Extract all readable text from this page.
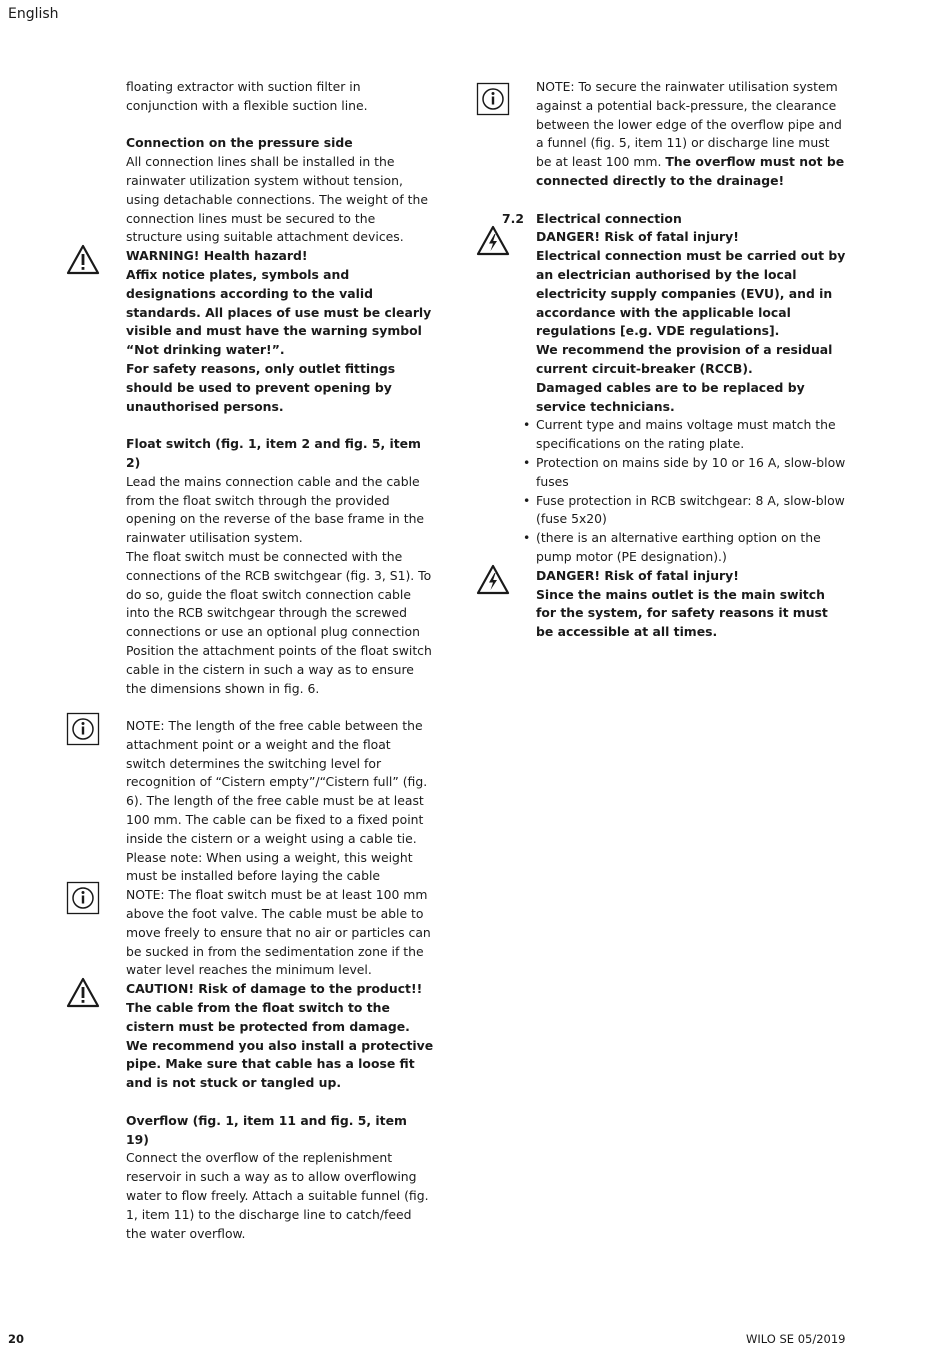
English

floating extractor with suction filter in conjunction with a flexible suction line.

Connection on the pressure side

All connection lines shall be installed in the rainwater utilization system without tension, using detachable connections. The weight of the connection lines must be secured to the structure using suitable attachment devices.

WARNING! Health hazard!

Affix notice plates, symbols and designations according to the valid standards. All places of use must be clearly visible and must have the warning symbol “Not drinking water!”.

For safety reasons, only outlet fittings should be used to prevent opening by unauthorised persons.

Float switch (fig. 1, item 2 and fig. 5, item 2)

Lead the mains connection cable and the cable from the float switch through the provided opening on the reverse of the base frame in the rainwater utilisation system.

The float switch must be connected with the connections of the RCB switchgear (fig. 3, S1). To do so, guide the float switch connection cable into the RCB switchgear through the screwed connections or use an optional plug connection

Position the attachment points of the float switch cable in the cistern in such a way as to ensure the dimensions shown in fig. 6.

NOTE: The length of the free cable between the attachment point or a weight and the float switch determines the switching level for recognition of “Cistern empty”/“Cistern full” (fig. 6). The length of the free cable must be at least 100 mm. The cable can be fixed to a fixed point inside the cistern or a weight using a cable tie. Please note: When using a weight, this weight must be installed before laying the cable

NOTE: The float switch must be at least 100 mm above the foot valve. The cable must be able to move freely to ensure that no air or particles can be sucked in from the sedimentation zone if the water level reaches the minimum level.

CAUTION! Risk of damage to the product!!

The cable from the float switch to the cistern must be protected from damage. We recommend you also install a protective pipe. Make sure that cable has a loose fit and is not stuck or tangled up.

Overflow (fig. 1, item 11 and fig. 5, item 19)

Connect the overflow of the replenishment reservoir in such a way as to allow overflowing water to flow freely. Attach a suitable funnel (fig. 1, item 11) to the discharge line to catch/feed the water overflow.

NOTE: To secure the rainwater utilisation system against a potential back-pressure, the clearance between the lower edge of the overflow pipe and a funnel (fig. 5, item 11) or discharge line must be at least 100 mm. The overflow must not be connected directly to the drainage!

7.2 Electrical connection

DANGER! Risk of fatal injury!

Electrical connection must be carried out by an electrician authorised by the local electricity supply companies (EVU), and in accordance with the applicable local regulations [e.g. VDE regulations].

We recommend the provision of a residual current circuit-breaker (RCCB).

Damaged cables are to be replaced by service technicians.

• Current type and mains voltage must match the specifications on the rating plate.
• Protection on mains side by 10 or 16 A, slow-blow fuses
• Fuse protection in RCB switchgear: 8 A, slow-blow (fuse 5x20)
• (there is an alternative earthing option on the pump motor (PE designation).)

DANGER! Risk of fatal injury!

Since the mains outlet is the main switch for the system, for safety reasons it must be accessible at all times.

20	WILO SE 05/2019
